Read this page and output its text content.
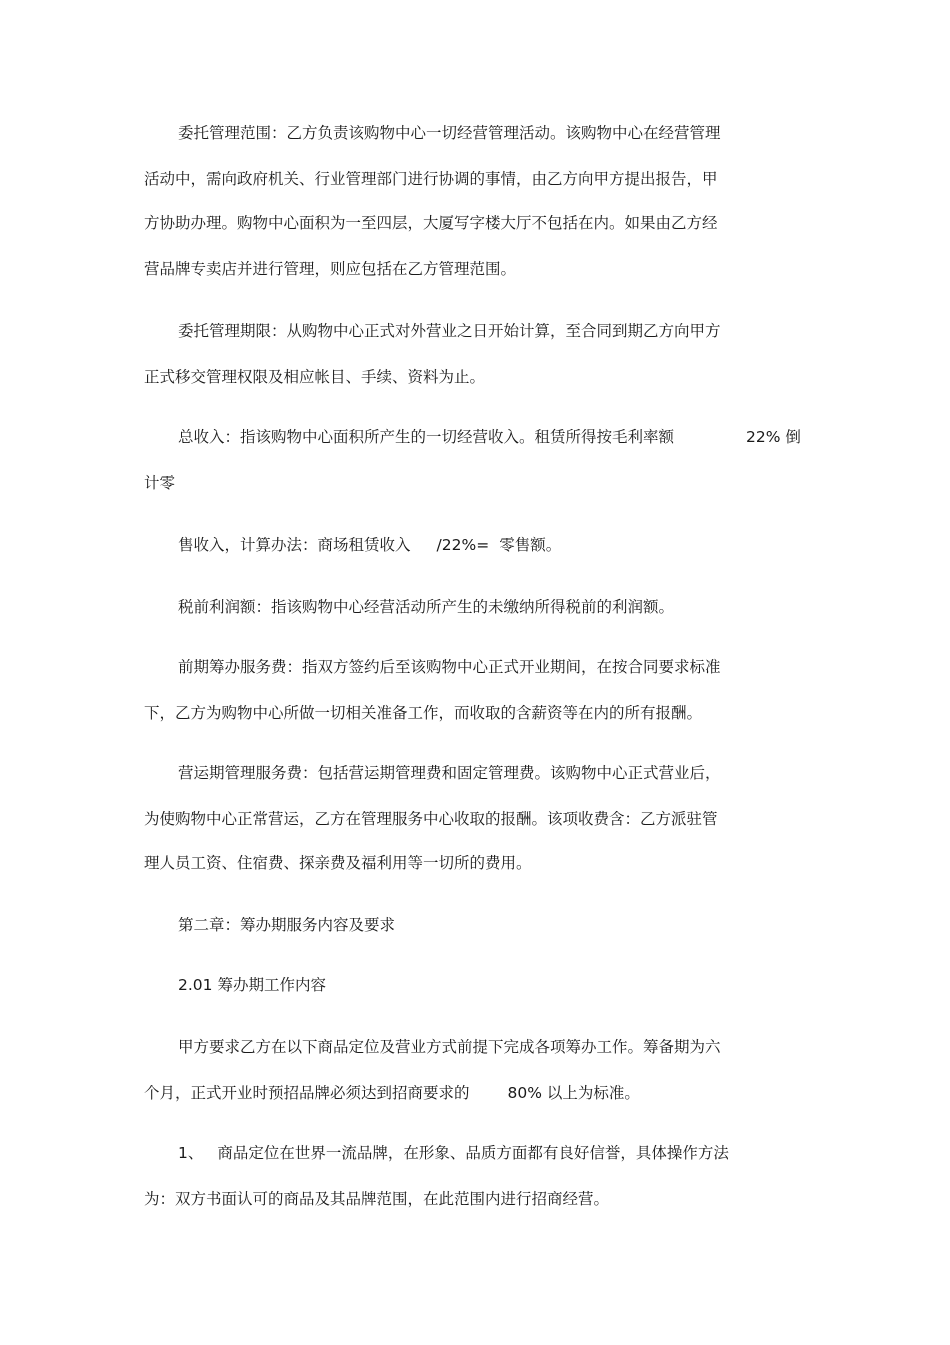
委托管理范围：乙方负责该购物中心一切经营管理活动。该购物中心在经营管理
活动中，需向政府机关、行业管理部门进行协调的事情，由乙方向甲方提出报告，甲
方协助办理。购物中心面积为一至四层，大厦写字楼大厅不包括在内。如果由乙方经
营品牌专卖店并进行管理，则应包括在乙方管理范围。
委托管理期限：从购物中心正式对外营业之日开始计算，至合同到期乙方向甲方
正式移交管理权限及相应帐目、手续、资料为止。
总收入：指该购物中心面积所产生的一切经营收入。租赁所得按毛利率额	22% 倒
计零
售收入，计算办法：商场租赁收入 /22%= 零售额。
税前利润额：指该购物中心经营活动所产生的未缴纳所得税前的利润额。
前期筹办服务费：指双方签约后至该购物中心正式开业期间，在按合同要求标准
下，乙方为购物中心所做一切相关准备工作，而收取的含薪资等在内的所有报酬。
营运期管理服务费：包括营运期管理费和固定管理费。该购物中心正式营业后，
为使购物中心正常营运，乙方在管理服务中心收取的报酬。该项收费含：乙方派驻管
理人员工资、住宿费、探亲费及福利用等一切所的费用。
第二章：筹办期服务内容及要求
2.01 筹办期工作内容
甲方要求乙方在以下商品定位及营业方式前提下完成各项筹办工作。筹备期为六
个月，正式开业时预招品牌必须达到招商要求的 80% 以上为标准。
1、 商品定位在世界一流品牌，在形象、品质方面都有良好信誉，具体操作方法
为：双方书面认可的商品及其品牌范围，在此范围内进行招商经营。
